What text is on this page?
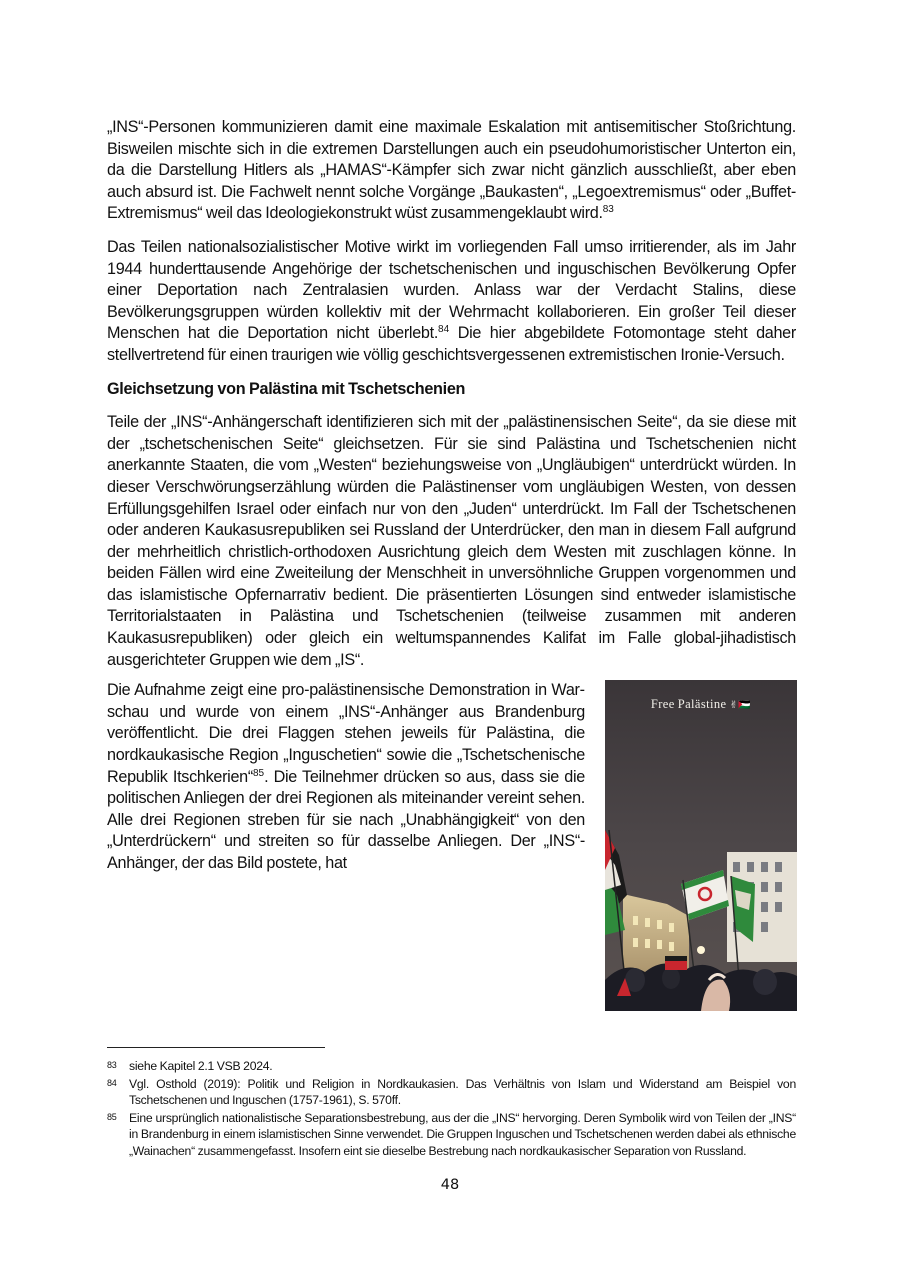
„INS“-Personen kommunizieren damit eine maximale Eskalation mit antisemitischer Stoßrichtung. Bisweilen mischte sich in die extremen Darstellungen auch ein pseudohumoristischer Unterton ein, da die Darstellung Hitlers als „HAMAS“-Kämpfer sich zwar nicht gänzlich ausschließt, aber eben auch absurd ist. Die Fachwelt nennt solche Vorgänge „Baukasten“, „Legoextremismus“ oder „Buffet-Extremismus“ weil das Ideologiekonstrukt wüst zusammengeklaubt wird.$^{83}$

Das Teilen nationalsozialistischer Motive wirkt im vorliegenden Fall umso irritierender, als im Jahr 1944 hunderttausende Angehörige der tschetschenischen und inguschischen Bevölkerung Opfer einer Deportation nach Zentralasien wurden. Anlass war der Verdacht Stalins, diese Bevölkerungsgruppen würden kollektiv mit der Wehrmacht kollaborieren. Ein großer Teil dieser Menschen hat die Deportation nicht überlebt.$^{84}$ Die hier abgebildete Fotomontage steht daher stellvertretend für einen traurigen wie völlig geschichtsvergessenen extremistischen Ironie-Versuch.

Gleichsetzung von Palästina mit Tschetschenien

Teile der „INS“-Anhängerschaft identifizieren sich mit der „palästinensischen Seite“, da sie diese mit der „tschetschenischen Seite“ gleichsetzen. Für sie sind Palästina und Tschetschenien nicht anerkannte Staaten, die vom „Westen“ beziehungsweise von „Ungläubigen“ unterdrückt würden. In dieser Verschwörungserzählung würden die Palästinenser vom ungläubigen Westen, von dessen Erfüllungsgehilfen Israel oder einfach nur von den „Juden“ unterdrückt. Im Fall der Tschetschenen oder anderen Kaukasusrepubliken sei Russland der Unterdrücker, den man in diesem Fall aufgrund der mehrheitlich christlich-orthodoxen Ausrichtung gleich dem Westen mit zuschlagen könne. In beiden Fällen wird eine Zweiteilung der Menschheit in unversöhnliche Gruppen vorgenommen und das islamistische Opfernarrativ bedient. Die präsentierten Lösungen sind entweder islamistische Territorialstaaten in Palästina und Tschetschenien (teilweise zusammen mit anderen Kaukasusrepubliken) oder gleich ein weltumspannendes Kalifat im Falle global-jihadistisch ausgerichteter Gruppen wie dem „IS“.

Free Palästine ✌🇵🇸

Die Aufnahme zeigt eine pro-palästinensische Demonstration in Warschau und wurde von einem „INS“-Anhänger aus Brandenburg veröffentlicht. Die drei Flaggen stehen jeweils für Palästina, die nordkaukasische Region „Inguschetien“ sowie die „Tschetschenische Republik Itschkerien“$^{85}$. Die Teilnehmer drücken so aus, dass sie die politischen Anliegen der drei Regionen als miteinander vereint sehen. Alle drei Regionen streben für sie nach „Unabhängigkeit“ von den „Unterdrückern“ und streiten so für dasselbe Anliegen. Der „INS“-Anhänger, der das Bild postete, hat

83	siehe Kapitel 2.1 VSB 2024.
84	Vgl. Osthold (2019): Politik und Religion in Nordkaukasien. Das Verhältnis von Islam und Widerstand am Beispiel von Tschetschenen und Inguschen (1757-1961), S. 570ff.
85	Eine ursprünglich nationalistische Separationsbestrebung, aus der die „INS“ hervorging. Deren Symbolik wird von Teilen der „INS“ in Brandenburg in einem islamistischen Sinne verwendet. Die Gruppen Inguschen und Tschetschenen werden dabei als ethnische „Wainachen“ zusammengefasst. Insofern eint sie dieselbe Bestrebung nach nordkaukasischer Separation von Russland.
48
